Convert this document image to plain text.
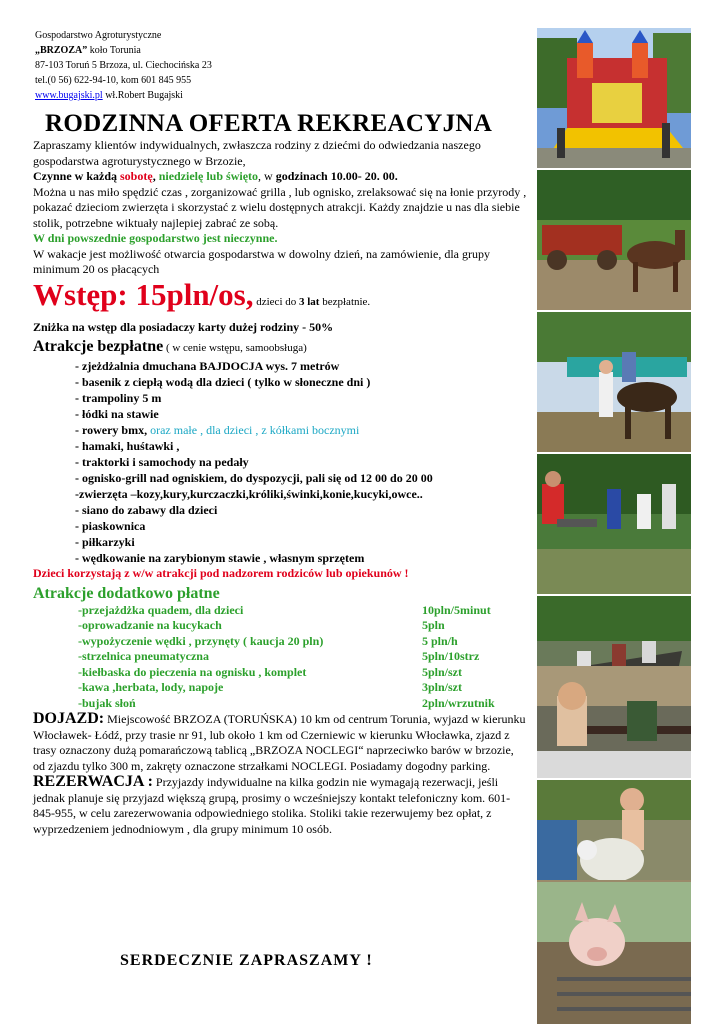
Gospodarstwo Agroturystyczne
„BRZOZA” koło Torunia
87-103 Toruń 5 Brzoza, ul. Ciechocińska 23
tel.(0 56) 622-94-10, kom 601 845 955
www.bugajski.pl wł.Robert Bugajski
RODZINNA OFERTA REKREACYJNA

Zapraszamy klientów indywidualnych, zwłaszcza rodziny z dziećmi do odwiedzania naszego gospodarstwa agroturystycznego w Brzozie,

Czynne w każdą sobotę, niedzielę lub święto, w godzinach 10.00- 20. 00.

Można u nas miło spędzić czas , zorganizować grilla , lub ognisko, zrelaksować się na łonie przyrody , pokazać dzieciom zwierzęta i skorzystać z wielu dostępnych atrakcji. Każdy znajdzie u nas dla siebie stolik, potrzebne wiktuały najlepiej zabrać ze sobą.

W dni powszednie gospodarstwo jest nieczynne.

W wakacje jest możliwość otwarcia gospodarstwa w dowolny dzień, na zamówienie, dla grupy minimum 20 os płacących

Wstęp: 15pln/os, dzieci do 3 lat bezpłatnie.

Zniżka na wstęp dla posiadaczy karty dużej rodziny - 50%

Atrakcje bezpłatne ( w cenie wstępu, samoobsługa)

- zjeżdżalnia dmuchana BAJDOCJA wys. 7 metrów

- basenik z ciepłą wodą dla dzieci ( tylko w słoneczne dni )

- trampoliny 5 m

- łódki na stawie

- rowery bmx, oraz małe , dla dzieci , z kółkami bocznymi

- hamaki, huśtawki ,

- traktorki i samochody na pedały

- ognisko-grill nad ogniskiem, do dyspozycji, pali się od 12 00 do 20 00

-zwierzęta –kozy,kury,kurczaczki,króliki,świnki,konie,kucyki,owce..

- siano do zabawy dla dzieci

- piaskownica

- piłkarzyki

- wędkowanie na zarybionym stawie , własnym sprzętem

Dzieci korzystają z w/w atrakcji pod nadzorem rodziców lub opiekunów !

Atrakcje dodatkowo płatne

-przejażdżka quadem, dla dzieci	10pln/5minut
-oprowadzanie na kucykach	5pln
-wypożyczenie wędki , przynęty ( kaucja 20 pln)	5 pln/h
-strzelnica pneumatyczna	5pln/10strz
-kiełbaska do pieczenia na ognisku , komplet	5pln/szt
-kawa ,herbata, lody, napoje	3pln/szt
-bujak słoń	2pln/wrzutnik

DOJAZD: Miejscowość BRZOZA (TORUŃSKA) 10 km od centrum Torunia, wyjazd w kierunku Włocławek- Łódź, przy trasie nr 91, lub około 1 km od Czerniewic w kierunku Włocławka, zjazd z trasy oznaczony dużą pomarańczową tablicą „BRZOZA NOCLEGI“ naprzeciwko barów w brzozie, od zjazdu tylko 300 m, zakręty oznaczone strzałkami NOCLEGI. Posiadamy dogodny parking.

REZERWACJA : Przyjazdy indywidualne na kilka godzin nie wymagają rezerwacji, jeśli jednak planuje się przyjazd większą grupą, prosimy o wcześniejszy kontakt telefoniczny kom. 601-845-955, w celu zarezerwowania odpowiedniego stolika. Stoliki takie rezerwujemy bez opłat, z wyprzedzeniem jednodniowym , dla grupy minimum 10 osób.

SERDECZNIE ZAPRASZAMY !
